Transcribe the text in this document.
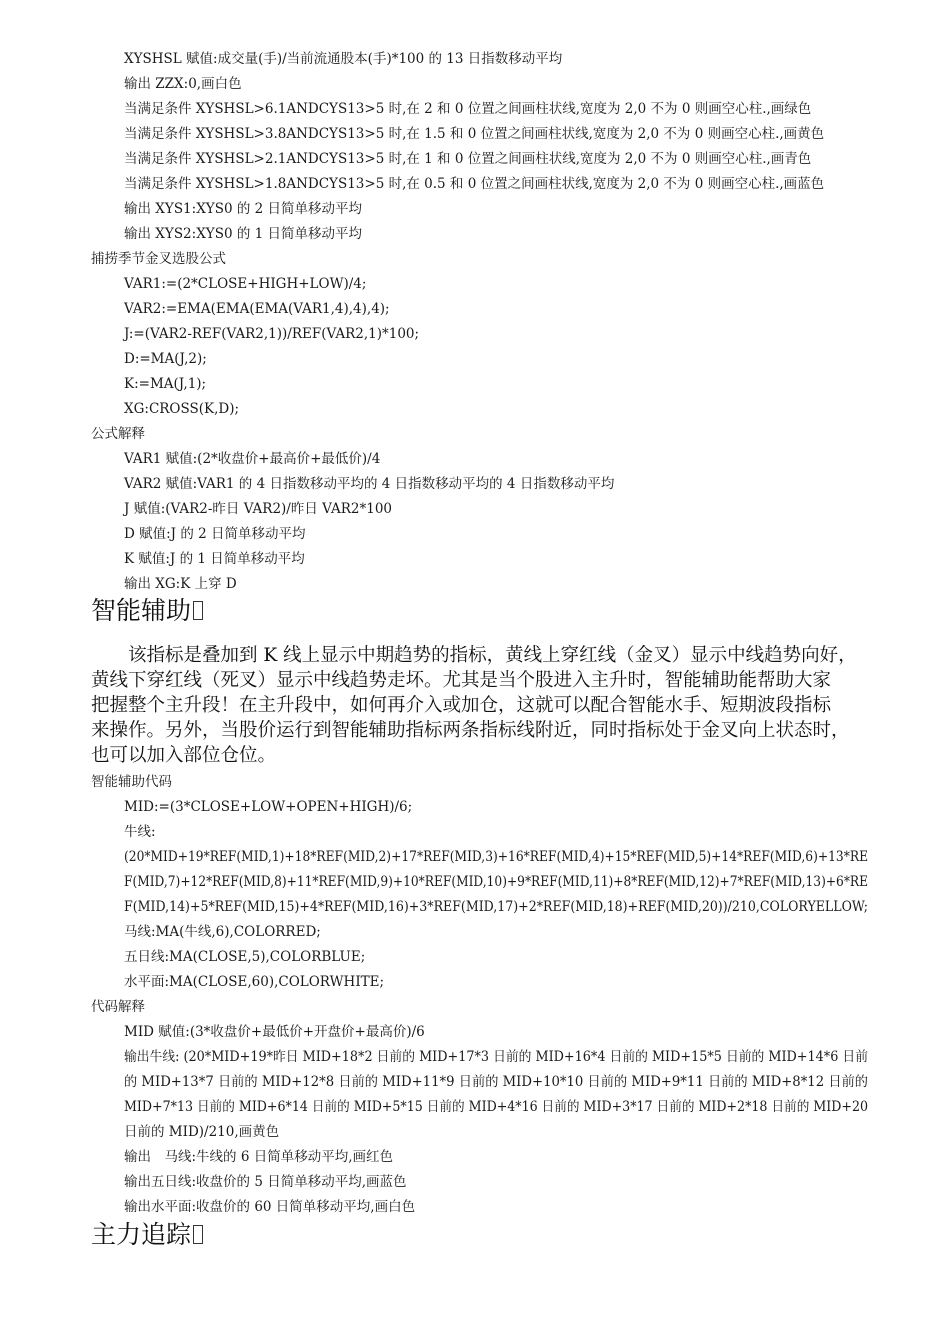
XYSHSL 赋值:成交量(手)/当前流通股本(手)*100 的 13 日指数移动平均
输出 ZZX:0,画白色
当满足条件 XYSHSL>6.1ANDCYS13>5 时,在 2 和 0 位置之间画柱状线,宽度为 2,0 不为 0 则画空心柱.,画绿色
当满足条件 XYSHSL>3.8ANDCYS13>5 时,在 1.5 和 0 位置之间画柱状线,宽度为 2,0 不为 0 则画空心柱.,画黄色
当满足条件 XYSHSL>2.1ANDCYS13>5 时,在 1 和 0 位置之间画柱状线,宽度为 2,0 不为 0 则画空心柱.,画青色
当满足条件 XYSHSL>1.8ANDCYS13>5 时,在 0.5 和 0 位置之间画柱状线,宽度为 2,0 不为 0 则画空心柱.,画蓝色
输出 XYS1:XYS0 的 2 日简单移动平均
输出 XYS2:XYS0 的 1 日简单移动平均
捕捞季节金叉选股公式
VAR1:=(2*CLOSE+HIGH+LOW)/4;
VAR2:=EMA(EMA(EMA(VAR1,4),4),4);
J:=(VAR2-REF(VAR2,1))/REF(VAR2,1)*100;
D:=MA(J,2);
K:=MA(J,1);
XG:CROSS(K,D);
公式解释
VAR1 赋值:(2*收盘价+最高价+最低价)/4
VAR2 赋值:VAR1 的 4 日指数移动平均的 4 日指数移动平均的 4 日指数移动平均
J 赋值:(VAR2-昨日 VAR2)/昨日 VAR2*100
D 赋值:J 的 2 日简单移动平均
K 赋值:J 的 1 日简单移动平均
输出 XG:K 上穿 D
智能辅助

　　该指标是叠加到 K 线上显示中期趋势的指标，黄线上穿红线（金叉）显示中线趋势向好，

黄线下穿红线（死叉）显示中线趋势走坏。尤其是当个股进入主升时，智能辅助能帮助大家

把握整个主升段！在主升段中，如何再介入或加仓，这就可以配合智能水手、短期波段指标

来操作。另外，当股价运行到智能辅助指标两条指标线附近，同时指标处于金叉向上状态时，

也可以加入部位仓位。

智能辅助代码
MID:=(3*CLOSE+LOW+OPEN+HIGH)/6;
牛线:
(20*MID+19*REF(MID,1)+18*REF(MID,2)+17*REF(MID,3)+16*REF(MID,4)+15*REF(MID,5)+14*REF(MID,6)+13*RE
F(MID,7)+12*REF(MID,8)+11*REF(MID,9)+10*REF(MID,10)+9*REF(MID,11)+8*REF(MID,12)+7*REF(MID,13)+6*RE
F(MID,14)+5*REF(MID,15)+4*REF(MID,16)+3*REF(MID,17)+2*REF(MID,18)+REF(MID,20))/210,COLORYELLOW;
马线:MA(牛线,6),COLORRED;
五日线:MA(CLOSE,5),COLORBLUE;
水平面:MA(CLOSE,60),COLORWHITE;
代码解释
MID 赋值:(3*收盘价+最低价+开盘价+最高价)/6
输出牛线: (20*MID+19*昨日 MID+18*2 日前的 MID+17*3 日前的 MID+16*4 日前的 MID+15*5 日前的 MID+14*6 日前
的 MID+13*7 日前的 MID+12*8 日前的 MID+11*9 日前的 MID+10*10 日前的 MID+9*11 日前的 MID+8*12 日前的
MID+7*13 日前的 MID+6*14 日前的 MID+5*15 日前的 MID+4*16 日前的 MID+3*17 日前的 MID+2*18 日前的 MID+20
日前的 MID)/210,画黄色
输出　马线:牛线的 6 日简单移动平均,画红色
输出五日线:收盘价的 5 日简单移动平均,画蓝色
输出水平面:收盘价的 60 日简单移动平均,画白色
主力追踪
